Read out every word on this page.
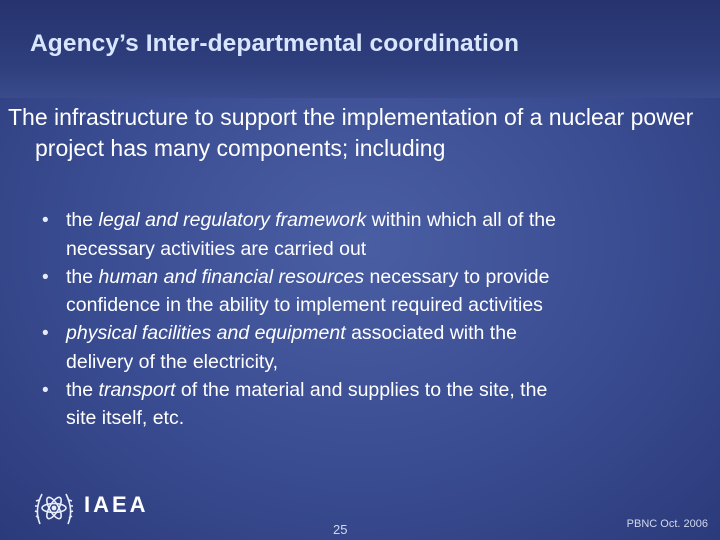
Agency’s Inter-departmental coordination
The infrastructure to support the implementation of a nuclear power project has many components; including
• the legal and regulatory framework within which all of the
necessary activities are carried out
• the human and financial resources necessary to provide
confidence in the ability to implement required activities
• physical facilities and equipment associated with the
delivery of the electricity,
• the transport of the material and supplies to the site, the
site itself, etc.
IAEA
25	PBNC Oct. 2006
